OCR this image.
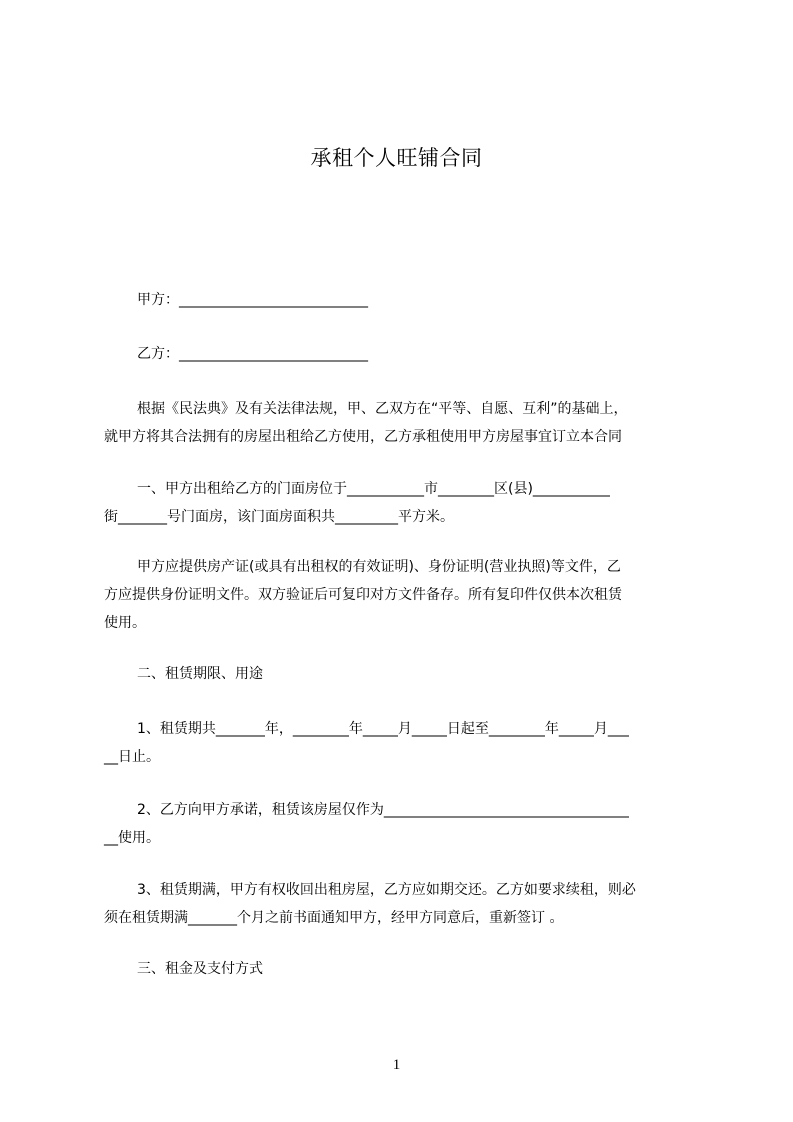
承租个人旺铺合同
甲方：___________________________
乙方：___________________________
根据《民法典》及有关法律法规，甲、乙双方在“平等、自愿、互利”的基础上，
就甲方将其合法拥有的房屋出租给乙方使用，乙方承租使用甲方房屋事宜订立本合同
一、甲方出租给乙方的门面房位于___________市________区(县)___________
街_______号门面房，该门面房面积共_________平方米。
甲方应提供房产证(或具有出租权的有效证明)、身份证明(营业执照)等文件，乙
方应提供身份证明文件。双方验证后可复印对方文件备存。所有复印件仅供本次租赁
使用。
二、租赁期限、用途
1、租赁期共_______年，________年_____月_____日起至________年_____月___
__日止。
2、乙方向甲方承诺，租赁该房屋仅作为___________________________________
__使用。
3、租赁期满，甲方有权收回出租房屋，乙方应如期交还。乙方如要求续租，则必
须在租赁期满_______个月之前书面通知甲方，经甲方同意后，重新签订 。
三、租金及支付方式
1
